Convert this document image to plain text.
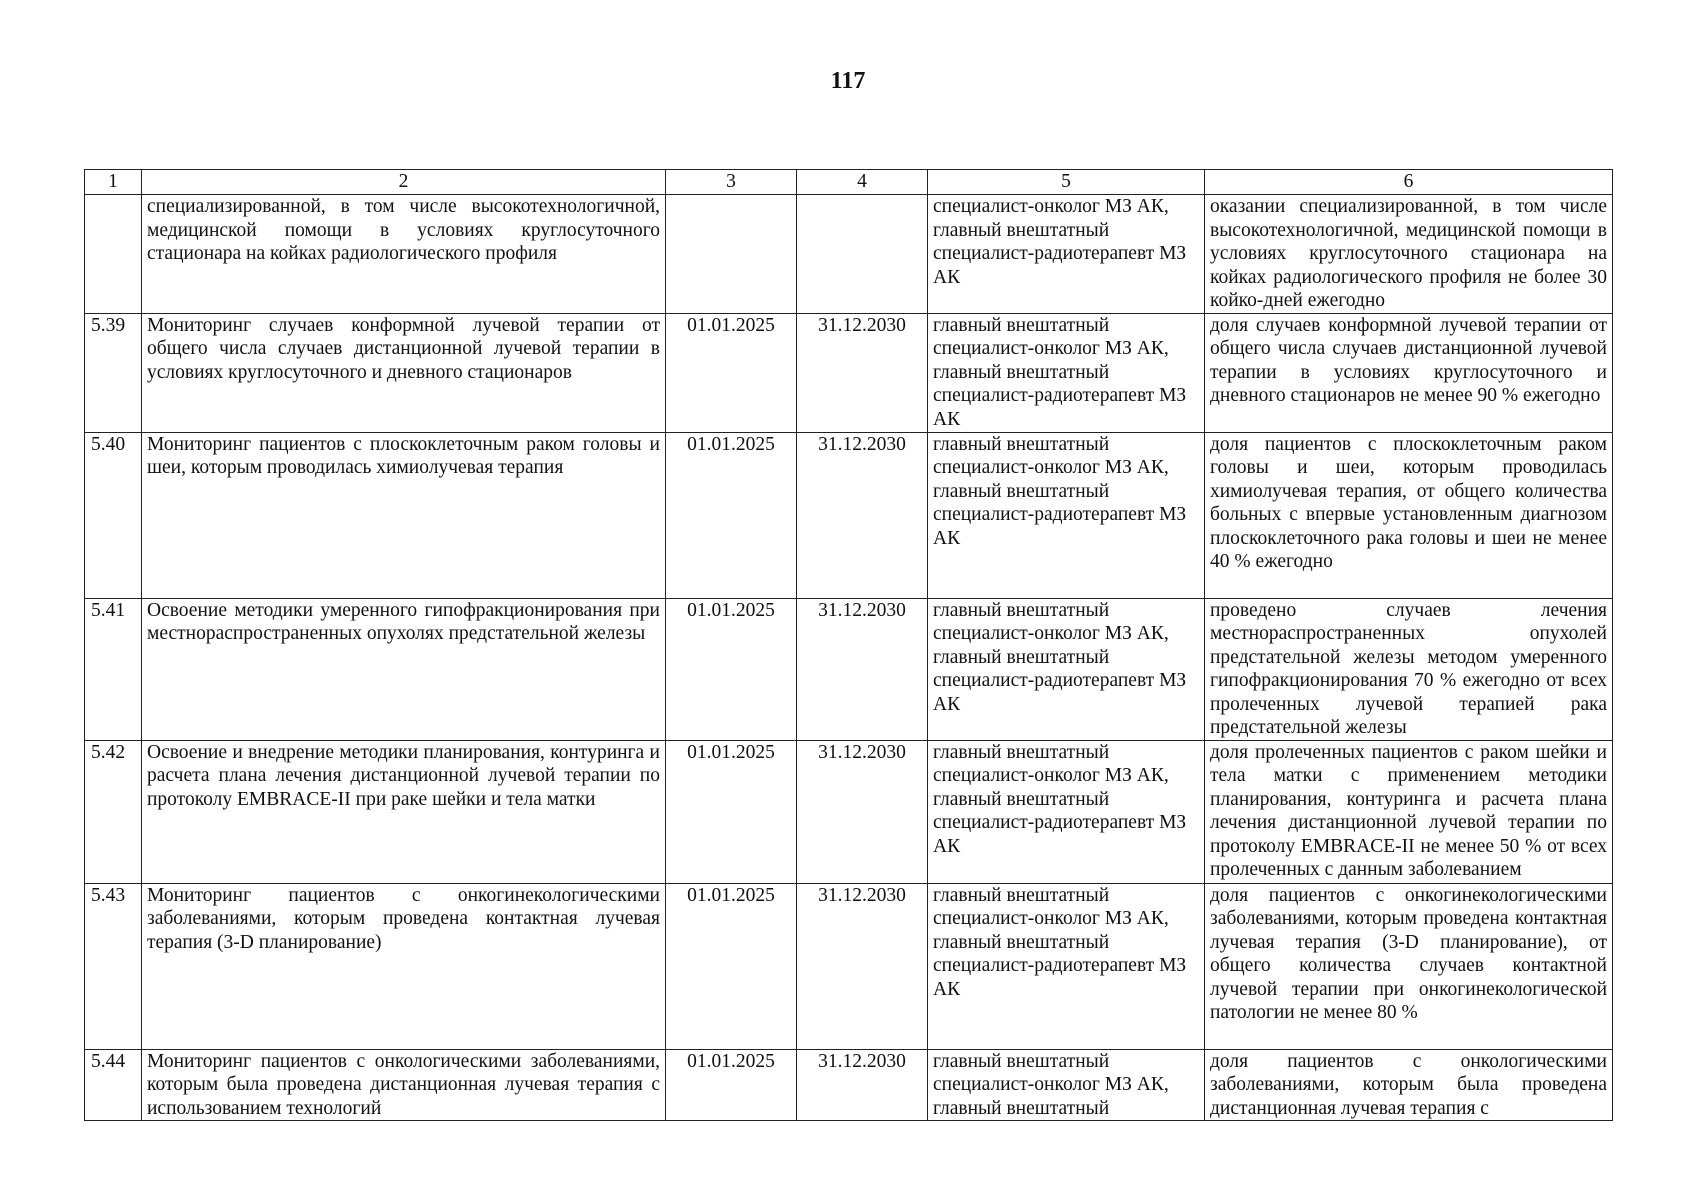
117
1	2	3	4	5	6
	специализированной, в том числе высокотехнологичной, медицинской помощи в условиях круглосуточного стационара на койках радиологического профиля			специалист-онколог МЗ АК, главный внештатный специалист-радиотерапевт МЗ АК	оказании специализированной, в том числе высокотехнологичной, медицинской помощи в условиях круглосуточного стационара на койках радиологического профиля не более 30 койко-дней ежегодно
5.39	Мониторинг случаев конформной лучевой терапии от общего числа случаев дистанционной лучевой терапии в условиях круглосуточного и дневного стационаров	01.01.2025	31.12.2030	главный внештатный специалист-онколог МЗ АК, главный внештатный специалист-радиотерапевт МЗ АК	доля случаев конформной лучевой терапии от общего числа случаев дистанционной лучевой терапии в условиях круглосуточного и дневного стационаров не менее 90 % ежегодно
5.40	Мониторинг пациентов с плоскоклеточным раком головы и шеи, которым проводилась химиолучевая терапия	01.01.2025	31.12.2030	главный внештатный специалист-онколог МЗ АК, главный внештатный специалист-радиотерапевт МЗ АК	доля пациентов с плоскоклеточным раком головы и шеи, которым проводилась химиолучевая терапия, от общего количества больных с впервые установленным диагнозом плоскоклеточного рака головы и шеи не менее 40 % ежегодно
5.41	Освоение методики умеренного гипофракционирования при местнораспространенных опухолях предстательной железы	01.01.2025	31.12.2030	главный внештатный специалист-онколог МЗ АК, главный внештатный специалист-радиотерапевт МЗ АК	проведено случаев лечения местнораспространенных опухолей предстательной железы методом умеренного гипофракционирования 70 % ежегодно от всех пролеченных лучевой терапией рака предстательной железы
5.42	Освоение и внедрение методики планирования, контуринга и расчета плана лечения дистанционной лучевой терапии по протоколу EMBRACE-II при раке шейки и тела матки	01.01.2025	31.12.2030	главный внештатный специалист-онколог МЗ АК, главный внештатный специалист-радиотерапевт МЗ АК	доля пролеченных пациентов с раком шейки и тела матки с применением методики планирования, контуринга и расчета плана лечения дистанционной лучевой терапии по протоколу EMBRACE-II не менее 50 % от всех пролеченных с данным заболеванием
5.43	Мониторинг пациентов с онкогинекологическими заболеваниями, которым проведена контактная лучевая терапия (3-D планирование)	01.01.2025	31.12.2030	главный внештатный специалист-онколог МЗ АК, главный внештатный специалист-радиотерапевт МЗ АК	доля пациентов с онкогинекологическими заболеваниями, которым проведена контактная лучевая терапия (3-D планирование), от общего количества случаев контактной лучевой терапии при онкогинекологической патологии не менее 80 %
5.44	Мониторинг пациентов с онкологическими заболеваниями, которым была проведена дистанционная лучевая терапия с использованием технологий	01.01.2025	31.12.2030	главный внештатный специалист-онколог МЗ АК, главный внештатный	доля пациентов с онкологическими заболеваниями, которым была проведена дистанционная лучевая терапия с
